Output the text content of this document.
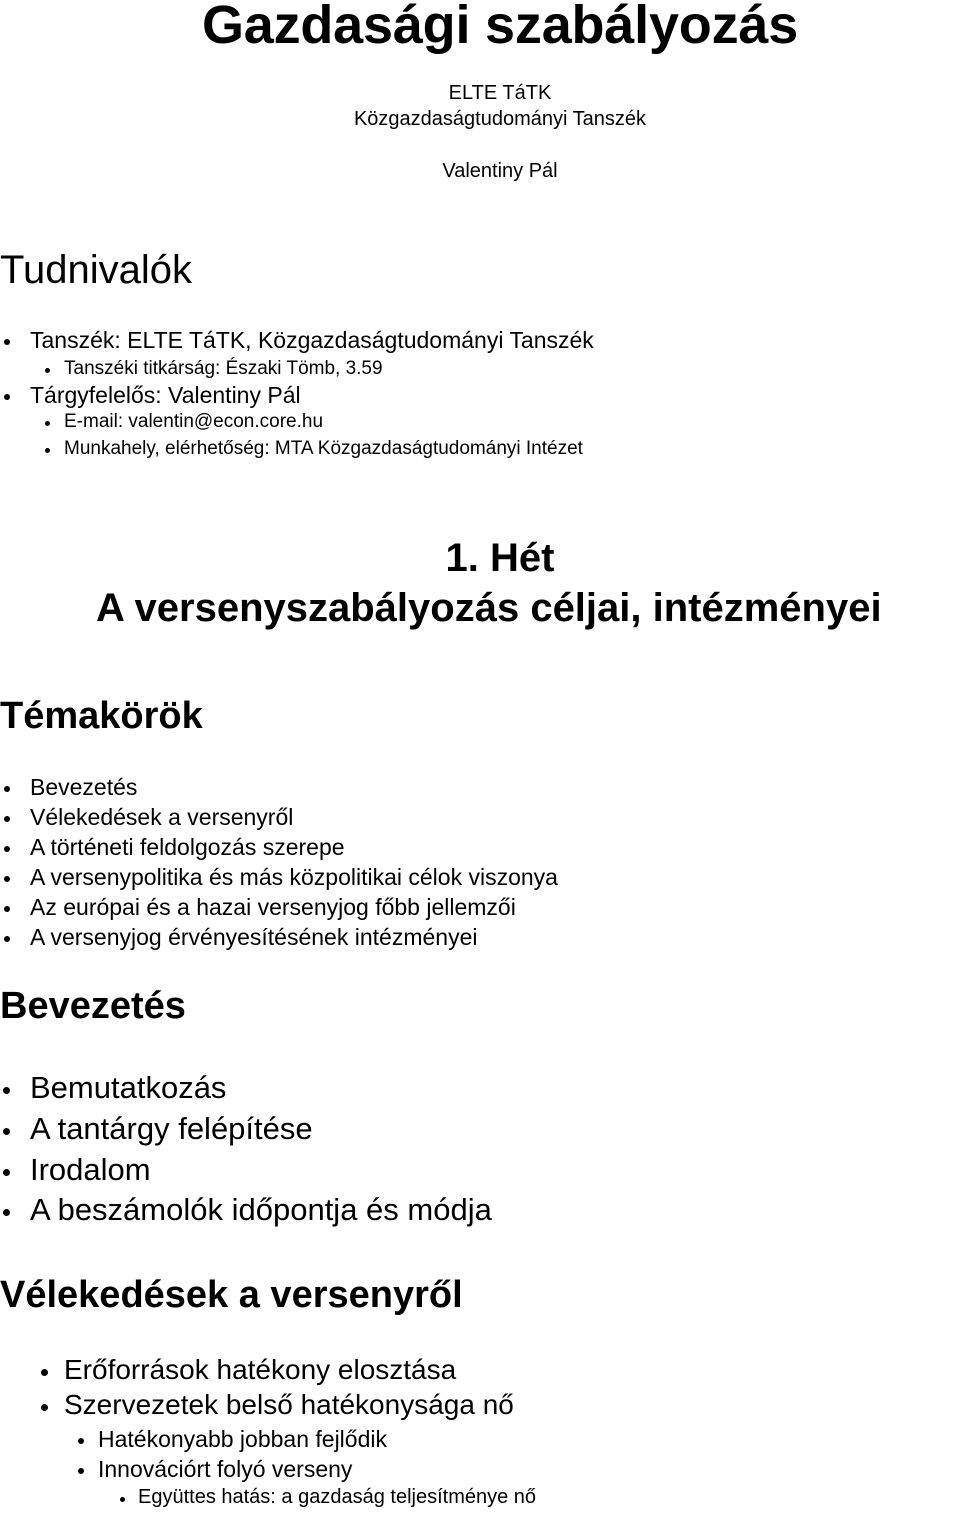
Gazdasági szabályozás
ELTE TáTK
Közgazdaságtudományi Tanszék
Valentiny Pál
Tudnivalók
Tanszék: ELTE TáTK, Közgazdaságtudományi Tanszék
Tanszéki titkárság: Északi Tömb, 3.59
Tárgyfelelős: Valentiny Pál
E-mail: valentin@econ.core.hu
Munkahely, elérhetőség: MTA Közgazdaságtudományi Intézet
1. Hét
A versenyszabályozás céljai, intézményei
Témakörök
Bevezetés
Vélekedések a versenyről
A történeti feldolgozás szerepe
A versenypolitika és más közpolitikai célok viszonya
Az európai és a hazai versenyjog főbb jellemzői
A versenyjog érvényesítésének intézményei
Bevezetés
Bemutatkozás
A tantárgy felépítése
Irodalom
A beszámolók időpontja és módja
Vélekedések a versenyről
Erőforrások hatékony elosztása
Szervezetek belső hatékonysága nő
Hatékonyabb jobban fejlődik
Innovációrt folyó verseny
Együttes hatás: a gazdaság teljesítménye nő
